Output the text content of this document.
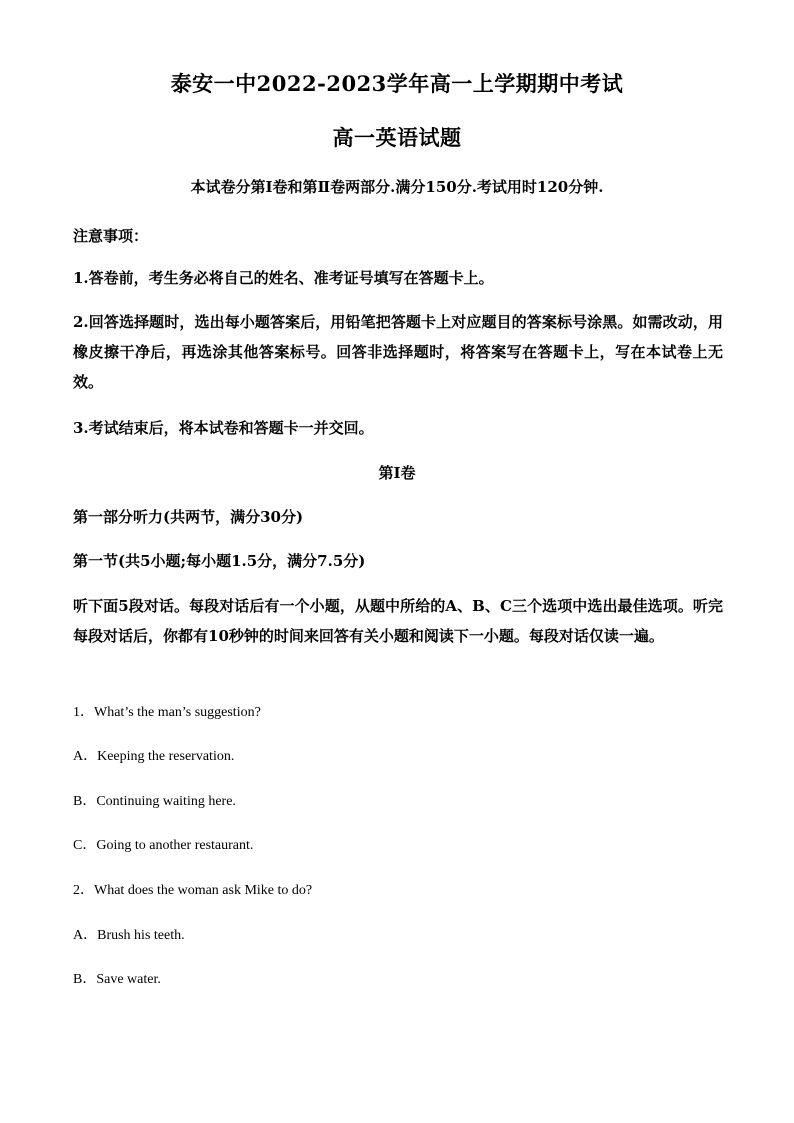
泰安一中2022-2023学年高一上学期期中考试
高一英语试题
本试卷分第Ⅰ卷和第Ⅱ卷两部分.满分150分.考试用时120分钟.
注意事项：
1.答卷前，考生务必将自己的姓名、准考证号填写在答题卡上。
2.回答选择题时，选出每小题答案后，用铅笔把答题卡上对应题目的答案标号涂黑。如需改动，用橡皮擦干净后，再选涂其他答案标号。回答非选择题时，将答案写在答题卡上，写在本试卷上无效。
3.考试结束后，将本试卷和答题卡一并交回。
第Ⅰ卷
第一部分听力(共两节，满分30分)
第一节(共5小题;每小题1.5分，满分7.5分)
听下面5段对话。每段对话后有一个小题，从题中所给的A、B、C三个选项中选出最佳选项。听完每段对话后，你都有10秒钟的时间来回答有关小题和阅读下一小题。每段对话仅读一遍。
1．What’s the man’s suggestion?
A．Keeping the reservation.
B．Continuing waiting here.
C．Going to another restaurant.
2．What does the woman ask Mike to do?
A．Brush his teeth.
B．Save water.
